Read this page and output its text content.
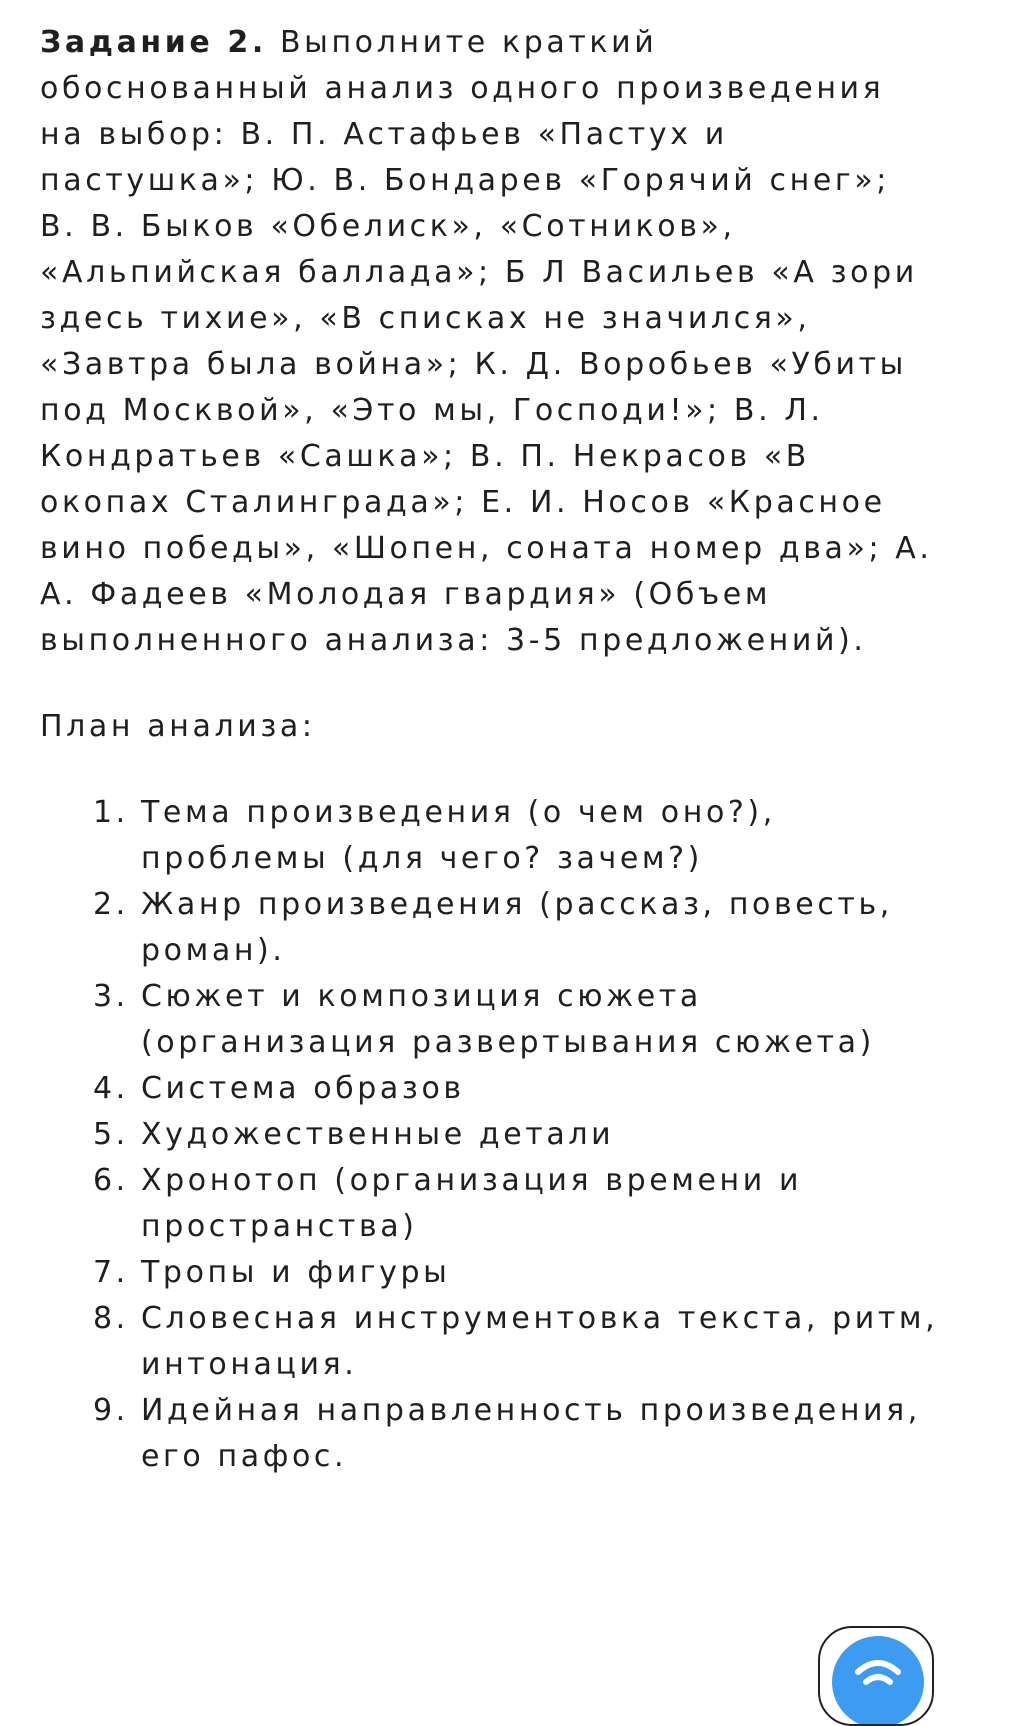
Задание 2. Выполните краткий обоснованный анализ одного произведения на выбор: В. П. Астафьев «Пастух и пастушка»; Ю. В. Бондарев «Горячий снег»; В. В. Быков «Обелиск», «Сотников», «Альпийская баллада»; Б Л Васильев «А зори здесь тихие», «В списках не значился», «Завтра была война»; К. Д. Воробьев «Убиты под Москвой», «Это мы, Господи!»; В. Л. Кондратьев «Сашка»; В. П. Некрасов «В окопах Сталинграда»; Е. И. Носов «Красное вино победы», «Шопен, соната номер два»; А. А. Фадеев «Молодая гвардия» (Объем выполненного анализа: 3-5 предложений).

План анализа:

1. Тема произведения (о чем оно?), проблемы (для чего? зачем?)
2. Жанр произведения (рассказ, повесть, роман).
3. Сюжет и композиция сюжета (организация развертывания сюжета)
4. Система образов
5. Художественные детали
6. Хронотоп (организация времени и пространства)
7. Тропы и фигуры
8. Словесная инструментовка текста, ритм, интонация.
9. Идейная направленность произведения, его пафос.
